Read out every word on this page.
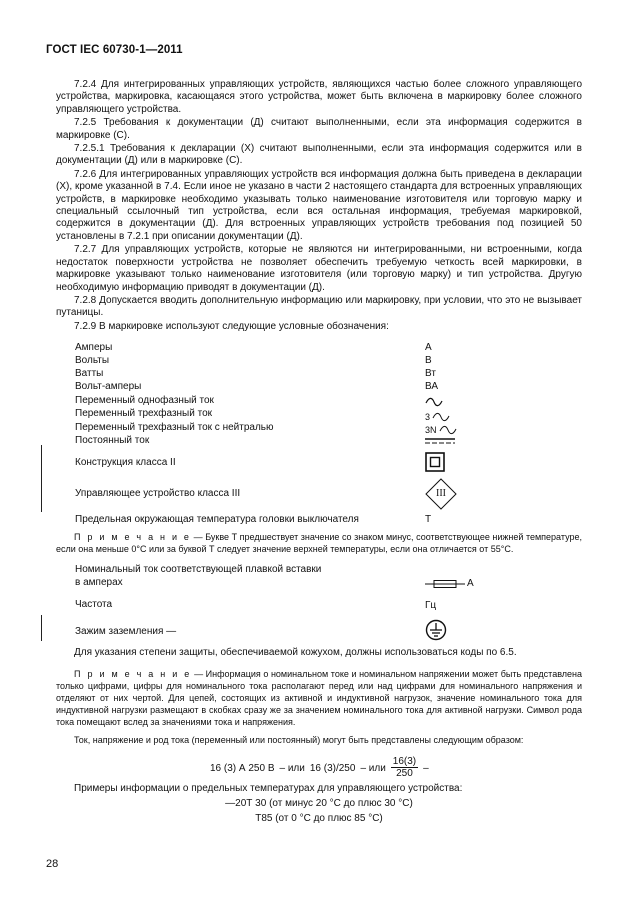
ГОСТ IEC 60730-1—2011

7.2.4 Для интегрированных управляющих устройств, являющихся частью более сложного управляющего устройства, маркировка, касающаяся этого устройства, может быть включена в маркировку более сложного управляющего устройства.

7.2.5 Требования к документации (Д) считают выполненными, если эта информация содержится в маркировке (С).

7.2.5.1 Требования к декларации (Х) считают выполненными, если эта информация содержится или в документации (Д) или в маркировке (С).

7.2.6 Для интегрированных управляющих устройств вся информация должна быть приведена в декларации (Х), кроме указанной в 7.4. Если иное не указано в части 2 настоящего стандарта для встроенных управляющих устройств, в маркировке необходимо указывать только наименование изготовителя или торговую марку и специальный ссылочный тип устройства, если вся остальная информация, требуемая маркировкой, содержится в документации (Д). Для встроенных управляющих устройств требования под позицией 50 установлены в 7.2.1 при описании документации (Д).

7.2.7 Для управляющих устройств, которые не являются ни интегрированными, ни встроенными, когда недостаток поверхности устройства не позволяет обеспечить требуемую четкость всей маркировки, в маркировке указывают только наименование изготовителя (или торговую марку) и тип устройства. Другую необходимую информацию приводят в документации (Д).

7.2.8 Допускается вводить дополнительную информацию или маркировку, при условии, что это не вызывает путаницы.

7.2.9 В маркировке используют следующие условные обозначения:

Амперы	А
Вольты	В
Ватты	Вт
Вольт-амперы	ВА
Переменный однофазный ток
Переменный трехфазный ток	3
Переменный трехфазный ток с нейтралью	3N
Постоянный ток
Конструкция класса II
Управляющее устройство класса III	III
Предельная окружающая температура головки выключателя	Т

П р и м е ч а н и е — Букве Т предшествует значение со знаком минус, соответствующее нижней температуре, если она меньше 0°С или за буквой Т следует значение верхней температуры, если она отличается от 55°С.

Номинальный ток соответствующей плавкой вставки
в амперах	А
Частота	Гц
Зажим заземления —

Для указания степени защиты, обеспечиваемой кожухом, должны использоваться коды по 6.5.

П р и м е ч а н и е — Информация о номинальном токе и номинальном напряжении может быть представлена только цифрами, цифры для номинального тока располагают перед или над цифрами для номинального напряжения и отделяют от них чертой. Для цепей, состоящих из активной и индуктивной нагрузок, значение номинального тока для индуктивной нагрузки размещают в скобках сразу же за значением номинального тока для активной нагрузки. Символ рода тока помещают вслед за значениями тока и напряжения.

Ток, напряжение и род тока (переменный или постоянный) могут быть представлены следующим образом:

16 (3) А 250 В – или 16 (3)/250 – или $\frac{16(3)}{250}$ –

Примеры информации о предельных температурах для управляющего устройства:

—20Т 30 (от минус 20 °С до плюс 30 °С)
Т85 (от 0 °С до плюс 85 °С)
28
